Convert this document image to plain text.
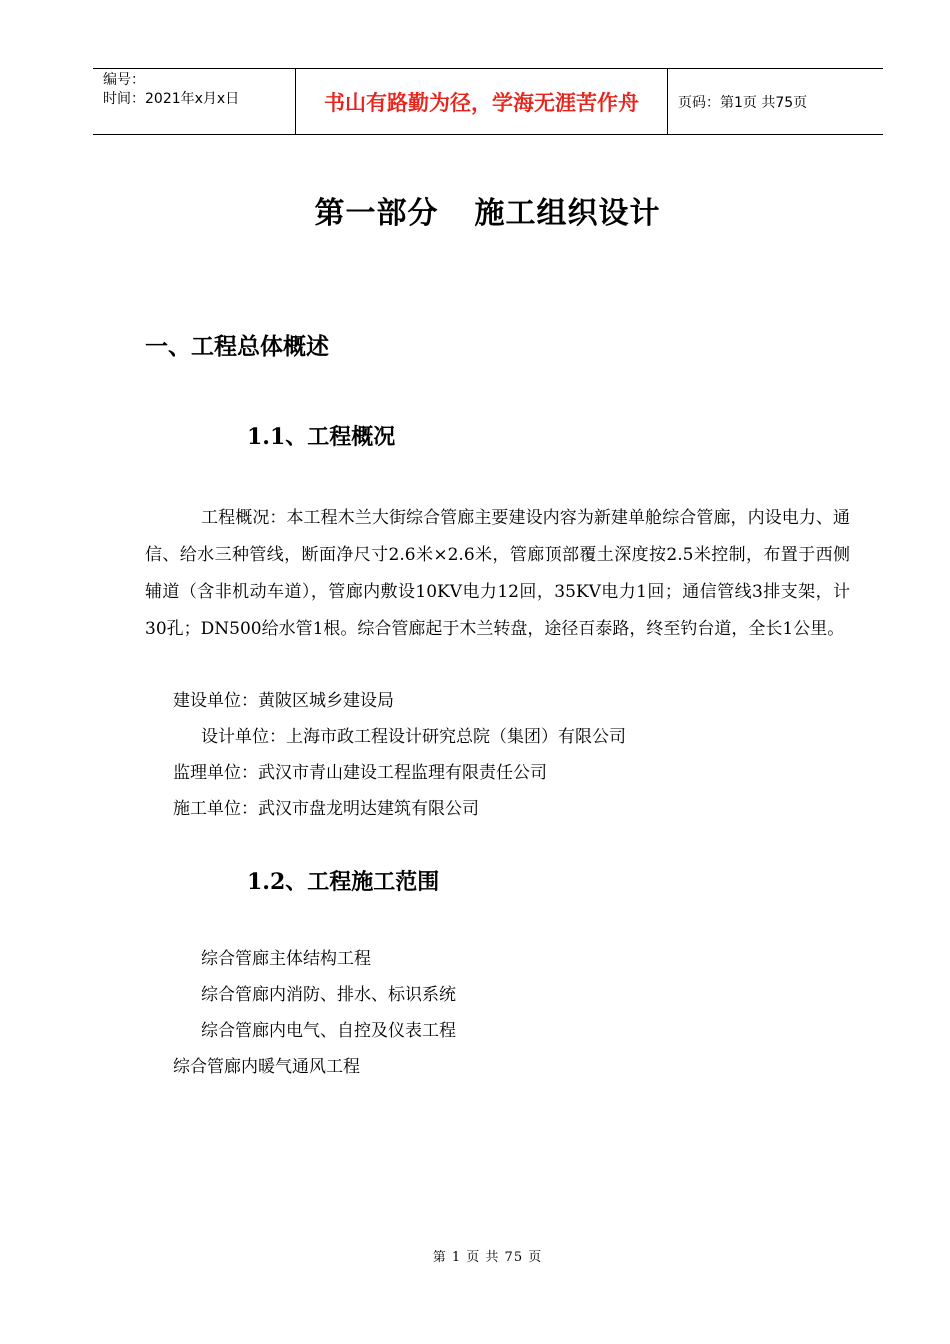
编号：
时间：2021年x月x日	书山有路勤为径，学海无涯苦作舟	页码：第1页 共75页
第一部分 施工组织设计
一、工程总体概述
1.1、工程概况
工程概况：本工程木兰大街综合管廊主要建设内容为新建单舱综合管廊，内设电力、通信、给水三种管线，断面净尺寸2.6米×2.6米，管廊顶部覆土深度按2.5米控制，布置于西侧辅道（含非机动车道），管廊内敷设10KV电力12回，35KV电力1回；通信管线3排支架，计30孔；DN500给水管1根。综合管廊起于木兰转盘，途径百泰路，终至钓台道，全长1公里。
建设单位：黄陂区城乡建设局
设计单位：上海市政工程设计研究总院（集团）有限公司
监理单位：武汉市青山建设工程监理有限责任公司
施工单位：武汉市盘龙明达建筑有限公司
1.2、工程施工范围
综合管廊主体结构工程
综合管廊内消防、排水、标识系统
综合管廊内电气、自控及仪表工程
综合管廊内暖气通风工程
第 1 页 共 75 页
